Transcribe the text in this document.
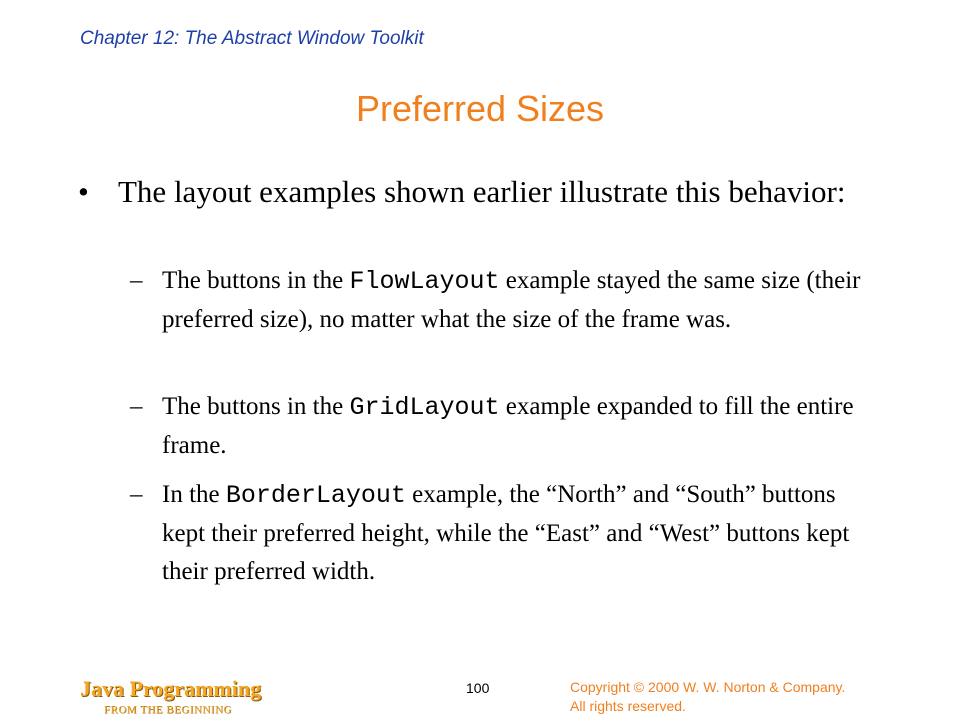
Chapter 12: The Abstract Window Toolkit
Preferred Sizes
• The layout examples shown earlier illustrate this behavior:
– The buttons in the FlowLayout example stayed the same size (their preferred size), no matter what the size of the frame was.
– The buttons in the GridLayout example expanded to fill the entire frame.
– In the BorderLayout example, the “North” and “South” buttons kept their preferred height, while the “East” and “West” buttons kept their preferred width.
Java Programming
FROM THE BEGINNING
100	Copyright © 2000 W. W. Norton & Company.
All rights reserved.
